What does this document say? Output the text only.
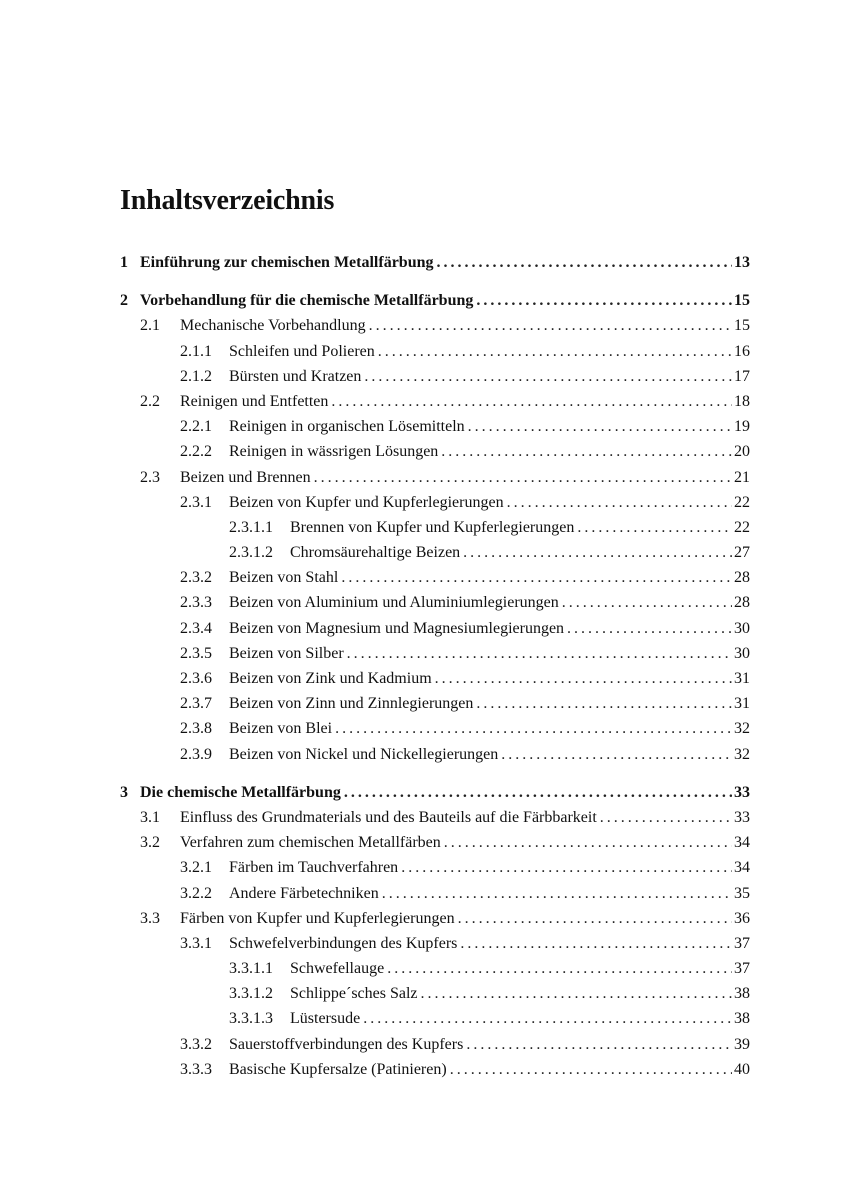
Inhaltsverzeichnis
1 Einführung zur chemischen Metallfärbung . . .	13
2 Vorbehandlung für die chemische Metallfärbung . . .	15
2.1 Mechanische Vorbehandlung . . .	15
2.1.1 Schleifen und Polieren . . .	16
2.1.2 Bürsten und Kratzen . . .	17
2.2 Reinigen und Entfetten . . .	18
2.2.1 Reinigen in organischen Lösemitteln . . .	19
2.2.2 Reinigen in wässrigen Lösungen . . .	20
2.3 Beizen und Brennen . . .	21
2.3.1 Beizen von Kupfer und Kupferlegierungen . . .	22
2.3.1.1 Brennen von Kupfer und Kupferlegierungen . . .	22
2.3.1.2 Chromsäurehaltige Beizen . . .	27
2.3.2 Beizen von Stahl . . .	28
2.3.3 Beizen von Aluminium und Aluminiumlegierungen . . .	28
2.3.4 Beizen von Magnesium und Magnesiumlegierungen . . .	30
2.3.5 Beizen von Silber . . .	30
2.3.6 Beizen von Zink und Kadmium . . .	31
2.3.7 Beizen von Zinn und Zinnlegierungen . . .	31
2.3.8 Beizen von Blei . . .	32
2.3.9 Beizen von Nickel und Nickellegierungen . . .	32
3 Die chemische Metallfärbung . . .	33
3.1 Einfluss des Grundmaterials und des Bauteils auf die Färbbarkeit . . .	33
3.2 Verfahren zum chemischen Metallfärben . . .	34
3.2.1 Färben im Tauchverfahren . . .	34
3.2.2 Andere Färbetechniken . . .	35
3.3 Färben von Kupfer und Kupferlegierungen . . .	36
3.3.1 Schwefelverbindungen des Kupfers . . .	37
3.3.1.1 Schwefellauge . . .	37
3.3.1.2 Schlippe´sches Salz . . .	38
3.3.1.3 Lüstersude . . .	38
3.3.2 Sauerstoffverbindungen des Kupfers . . .	39
3.3.3 Basische Kupfersalze (Patinieren) . . .	40
